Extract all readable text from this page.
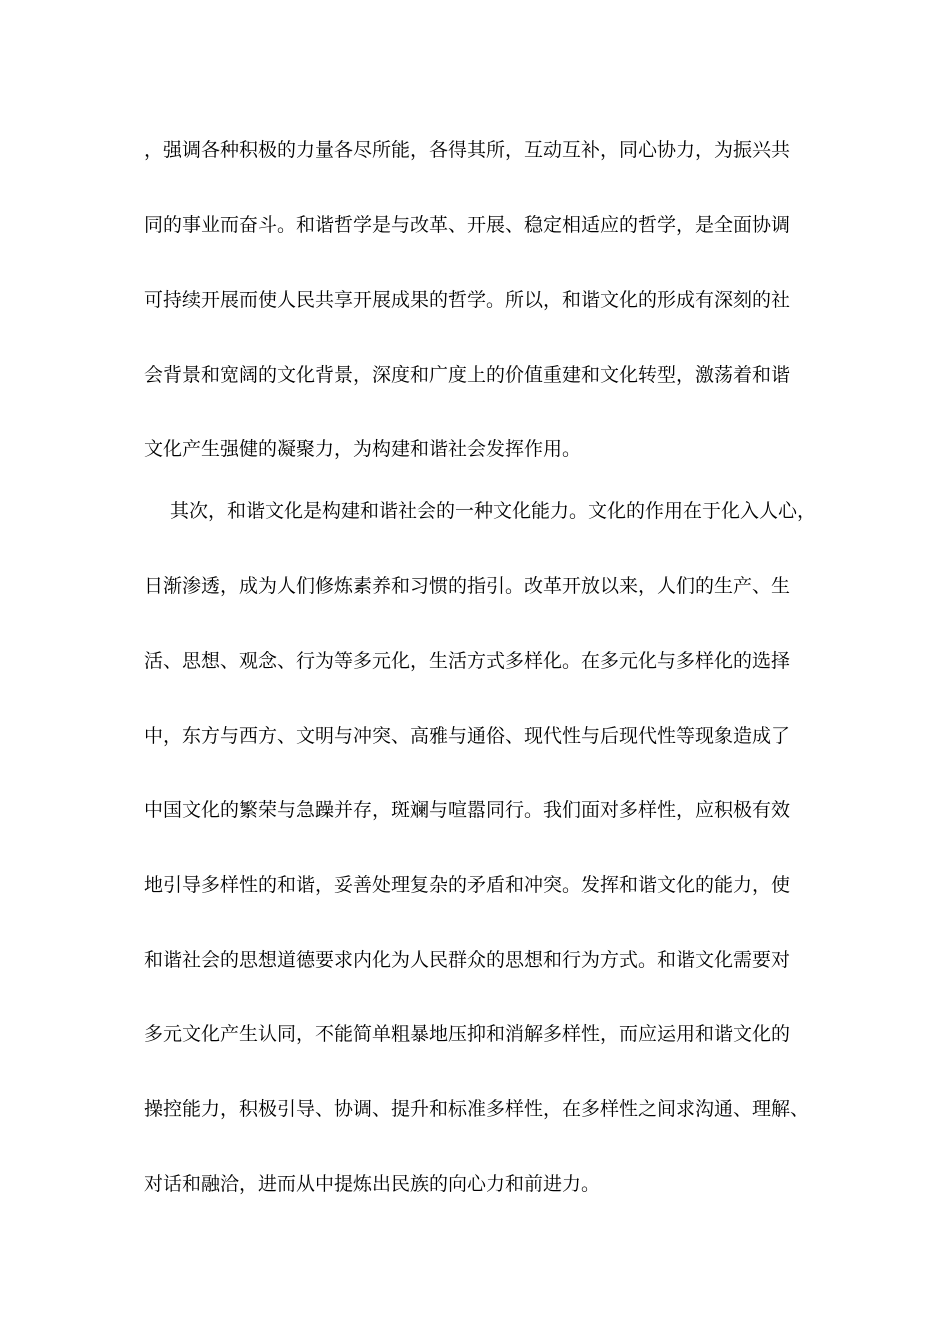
，强调各种积极的力量各尽所能，各得其所，互动互补，同心协力，为振兴共
同的事业而奋斗。和谐哲学是与改革、开展、稳定相适应的哲学，是全面协调
可持续开展而使人民共享开展成果的哲学。所以，和谐文化的形成有深刻的社
会背景和宽阔的文化背景，深度和广度上的价值重建和文化转型，激荡着和谐
文化产生强健的凝聚力，为构建和谐社会发挥作用。
其次，和谐文化是构建和谐社会的一种文化能力。文化的作用在于化入人心，
日渐渗透，成为人们修炼素养和习惯的指引。改革开放以来，人们的生产、生
活、思想、观念、行为等多元化，生活方式多样化。在多元化与多样化的选择
中，东方与西方、文明与冲突、高雅与通俗、现代性与后现代性等现象造成了
中国文化的繁荣与急躁并存，斑斓与喧嚣同行。我们面对多样性，应积极有效
地引导多样性的和谐，妥善处理复杂的矛盾和冲突。发挥和谐文化的能力，使
和谐社会的思想道德要求内化为人民群众的思想和行为方式。和谐文化需要对
多元文化产生认同，不能简单粗暴地压抑和消解多样性，而应运用和谐文化的
操控能力，积极引导、协调、提升和标准多样性，在多样性之间求沟通、理解、
对话和融洽，进而从中提炼出民族的向心力和前进力。
